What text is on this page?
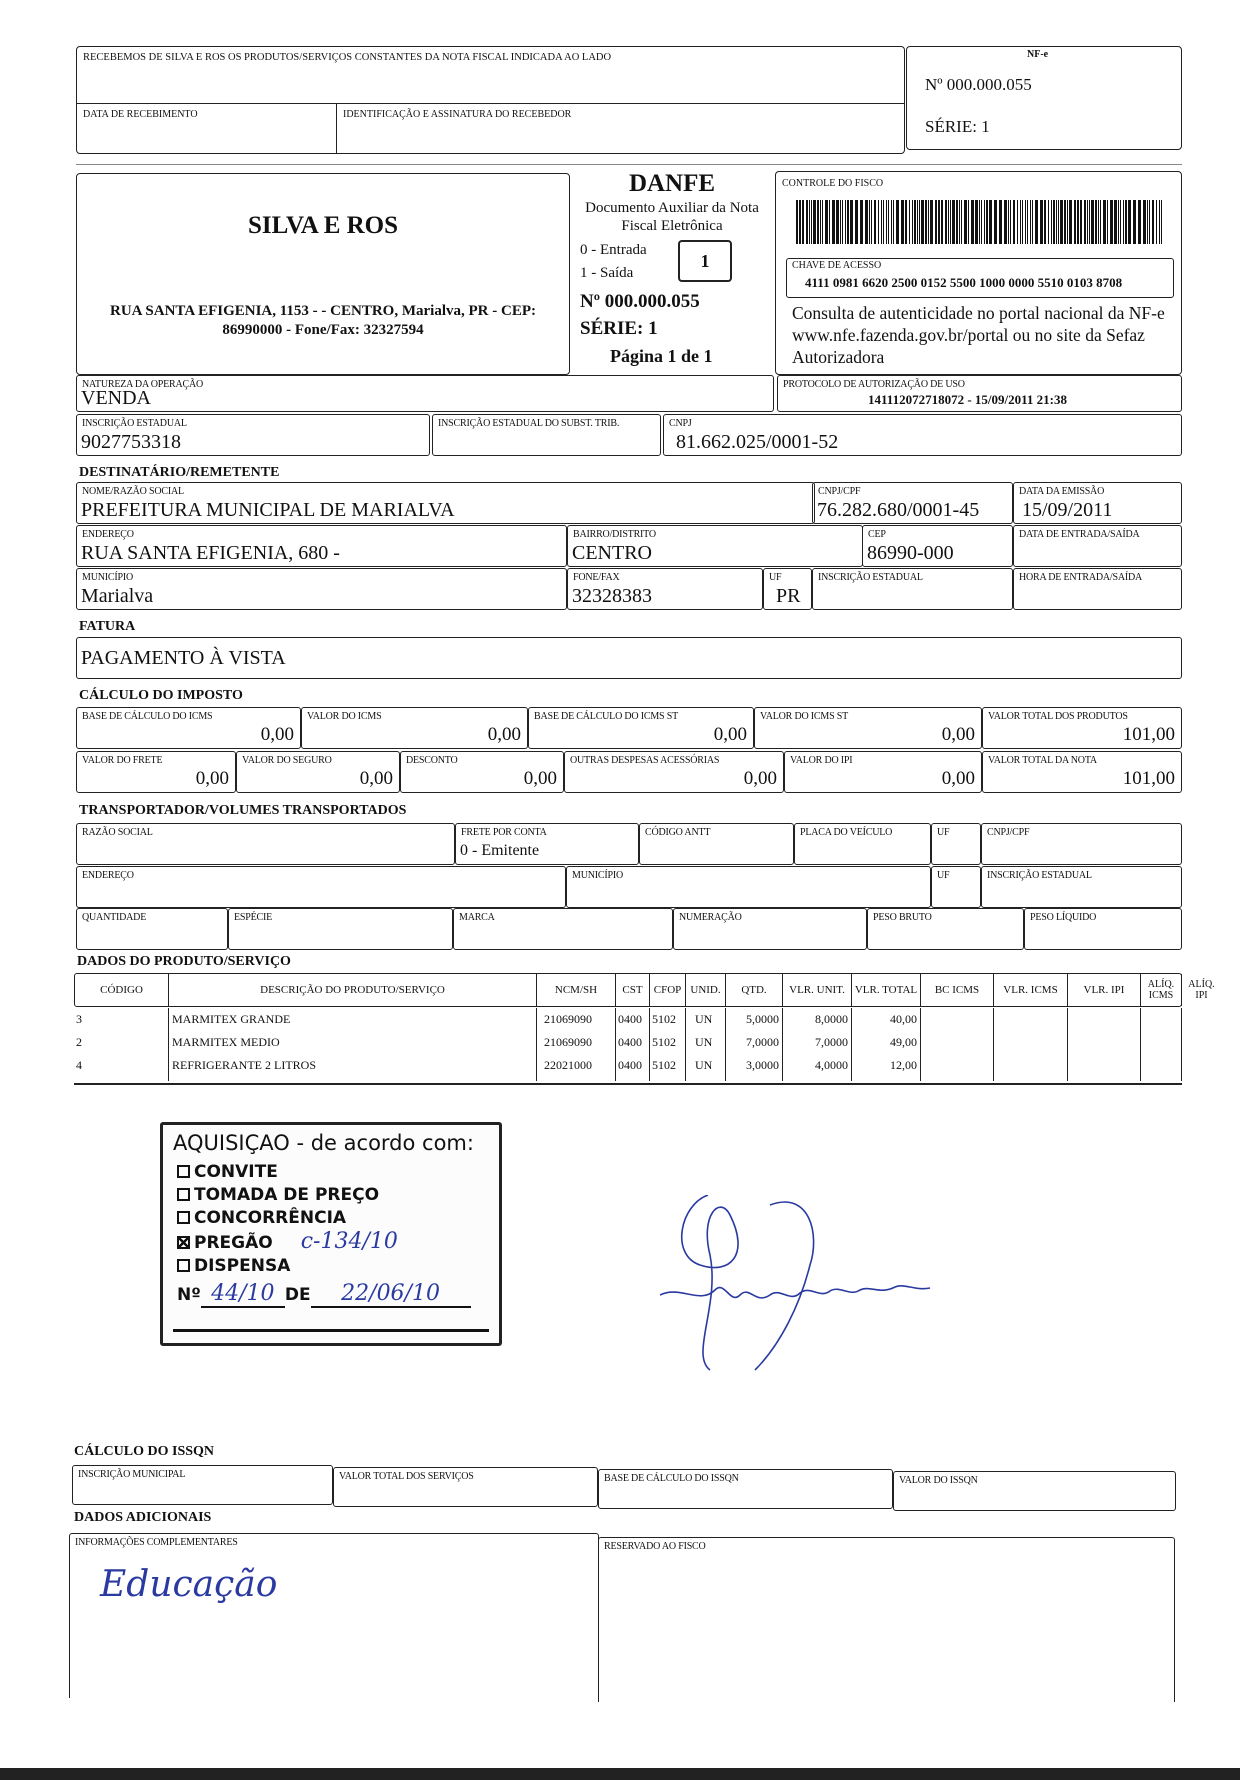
RECEBEMOS DE SILVA E ROS OS PRODUTOS/SERVIÇOS CONSTANTES DA NOTA FISCAL INDICADA AO LADO
DATA DE RECEBIMENTO	IDENTIFICAÇÃO E ASSINATURA DO RECEBEDOR
NF-e
Nº 000.000.055
SÉRIE: 1
SILVA E ROS
RUA SANTA EFIGENIA, 1153 - - CENTRO, Marialva, PR - CEP: 86990000 - Fone/Fax: 32327594
DANFE
Documento Auxiliar da Nota Fiscal Eletrônica
0 - Entrada
1 - Saída
1
Nº 000.000.055
SÉRIE: 1
Página 1 de 1
CONTROLE DO FISCO
CHAVE DE ACESSO
4111 0981 6620 2500 0152 5500 1000 0000 5510 0103 8708
Consulta de autenticidade no portal nacional da NF-e www.nfe.fazenda.gov.br/portal ou no site da Sefaz Autorizadora
NATUREZA DA OPERAÇÃO
VENDA
PROTOCOLO DE AUTORIZAÇÃO DE USO
141112072718072 - 15/09/2011 21:38
INSCRIÇÃO ESTADUAL
9027753318
INSCRIÇÃO ESTADUAL DO SUBST. TRIB.	CNPJ
81.662.025/0001-52
DESTINATÁRIO/REMETENTE
NOME/RAZÃO SOCIAL
PREFEITURA MUNICIPAL DE MARIALVA
CNPJ/CPF
76.282.680/0001-45
DATA DA EMISSÃO
15/09/2011
ENDEREÇO
RUA SANTA EFIGENIA, 680 -
BAIRRO/DISTRITO
CENTRO
CEP
86990-000
DATA DE ENTRADA/SAÍDA
MUNICÍPIO
Marialva
FONE/FAX
32328383
UF
PR
INSCRIÇÃO ESTADUAL	HORA DE ENTRADA/SAÍDA
FATURA
PAGAMENTO À VISTA
CÁLCULO DO IMPOSTO
BASE DE CÁLCULO DO ICMS
0,00
VALOR DO ICMS
0,00
BASE DE CÁLCULO DO ICMS ST
0,00
VALOR DO ICMS ST
0,00
VALOR TOTAL DOS PRODUTOS
101,00
VALOR DO FRETE
0,00
VALOR DO SEGURO
0,00
DESCONTO
0,00
OUTRAS DESPESAS ACESSÓRIAS
0,00
VALOR DO IPI
0,00
VALOR TOTAL DA NOTA
101,00
TRANSPORTADOR/VOLUMES TRANSPORTADOS
RAZÃO SOCIAL	FRETE POR CONTA
0 - Emitente
CÓDIGO ANTT	PLACA DO VEÍCULO	UF	CNPJ/CPF
ENDEREÇO	MUNICÍPIO	UF	INSCRIÇÃO ESTADUAL
QUANTIDADE	ESPÉCIE	MARCA	NUMERAÇÃO	PESO BRUTO	PESO LÍQUIDO
DADOS DO PRODUTO/SERVIÇO
CÓDIGO	DESCRIÇÃO DO PRODUTO/SERVIÇO	NCM/SH	CST	CFOP UNID.	QTD.	VLR. UNIT. VLR. TOTAL	BC ICMS	VLR. ICMS	VLR. IPI	ALÍQ. ICMS
ALÍQ. IPI
3	MARMITEX GRANDE	21069090 0400 5102 UN	5,0000	8,0000	40,00
2	MARMITEX MEDIO	21069090 0400 5102 UN	7,0000	7,0000	49,00
4	REFRIGERANTE 2 LITROS	22021000 0400 5102 UN	3,0000	4,0000	12,00
AQUISIÇAO - de acordo com:
CONVITE
TOMADA DE PREÇO
CONCORRÊNCIA
PREGÃO c-134/10
DISPENSA
Nº 44/10 DE 22/06/10
CÁLCULO DO ISSQN
INSCRIÇÃO MUNICIPAL	VALOR TOTAL DOS SERVIÇOS	BASE DE CÁLCULO DO ISSQN	VALOR DO ISSQN
DADOS ADICIONAIS
INFORMAÇÕES COMPLEMENTARES
Educação
RESERVADO AO FISCO
